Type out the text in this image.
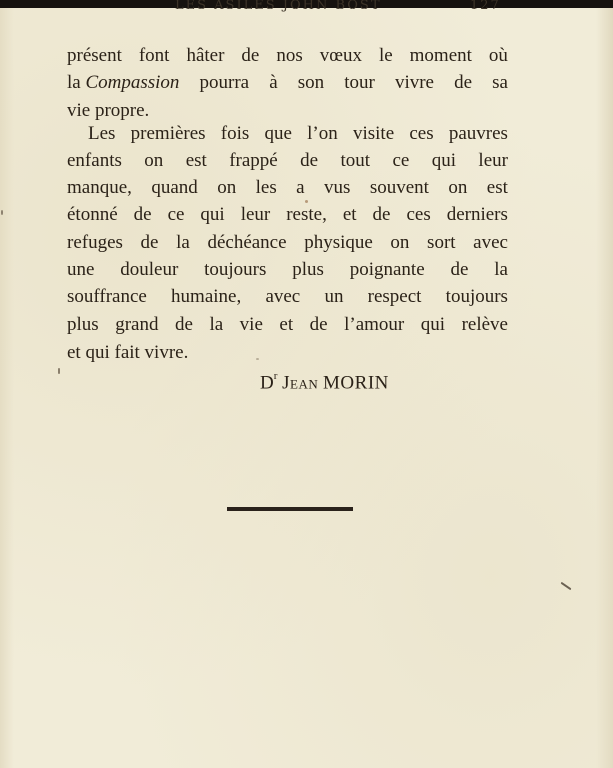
LES ASILES JOHN BOST	127
présent font hâter de nos vœux le moment où
la Compassion pourra à son tour vivre de sa
vie propre.
Les premières fois que l’on visite ces pauvres
enfants on est frappé de tout ce qui leur
manque, quand on les a vus souvent on est
étonné de ce qui leur reste, et de ces derniers
refuges de la déchéance physique on sort avec
une douleur toujours plus poignante de la
souffrance humaine, avec un respect toujours
plus grand de la vie et de l’amour qui relève
et qui fait vivre.
$D^r$ Jean MORIN
